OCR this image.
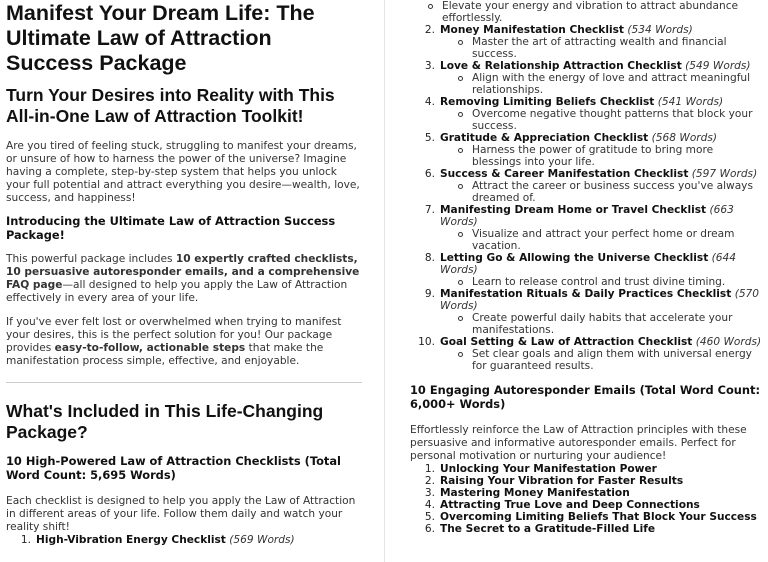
Manifest Your Dream Life: The Ultimate Law of Attraction Success Package
Turn Your Desires into Reality with This All-in-One Law of Attraction Toolkit!

Are you tired of feeling stuck, struggling to manifest your dreams, or unsure of how to harness the power of the universe? Imagine having a complete, step-by-step system that helps you unlock your full potential and attract everything you desire—wealth, love, success, and happiness!

Introducing the Ultimate Law of Attraction Success Package!

This powerful package includes 10 expertly crafted checklists, 10 persuasive autoresponder emails, and a comprehensive FAQ page—all designed to help you apply the Law of Attraction effectively in every area of your life.

If you've ever felt lost or overwhelmed when trying to manifest your desires, this is the perfect solution for you! Our package provides easy-to-follow, actionable steps that make the manifestation process simple, effective, and enjoyable.

What's Included in This Life-Changing Package?
10 High-Powered Law of Attraction Checklists (Total Word Count: 5,695 Words)

Each checklist is designed to help you apply the Law of Attraction in different areas of your life. Follow them daily and watch your reality shift!

1. High-Vibration Energy Checklist (569 Words)
Elevate your energy and vibration to attract abundance effortlessly.
2. Money Manifestation Checklist (534 Words)
Master the art of attracting wealth and financial success.
3. Love & Relationship Attraction Checklist (549 Words)
Align with the energy of love and attract meaningful relationships.
4. Removing Limiting Beliefs Checklist (541 Words)
Overcome negative thought patterns that block your success.
5. Gratitude & Appreciation Checklist (568 Words)
Harness the power of gratitude to bring more blessings into your life.
6. Success & Career Manifestation Checklist (597 Words)
Attract the career or business success you've always dreamed of.
7. Manifesting Dream Home or Travel Checklist (663 Words)
Visualize and attract your perfect home or dream vacation.
8. Letting Go & Allowing the Universe Checklist (644 Words)
Learn to release control and trust divine timing.
9. Manifestation Rituals & Daily Practices Checklist (570 Words)
Create powerful daily habits that accelerate your manifestations.
10. Goal Setting & Law of Attraction Checklist (460 Words)
Set clear goals and align them with universal energy for guaranteed results.
10 Engaging Autoresponder Emails (Total Word Count: 6,000+ Words)

Effortlessly reinforce the Law of Attraction principles with these persuasive and informative autoresponder emails. Perfect for personal motivation or nurturing your audience!

1. Unlocking Your Manifestation Power
2. Raising Your Vibration for Faster Results
3. Mastering Money Manifestation
4. Attracting True Love and Deep Connections
5. Overcoming Limiting Beliefs That Block Your Success
6. The Secret to a Gratitude-Filled Life
